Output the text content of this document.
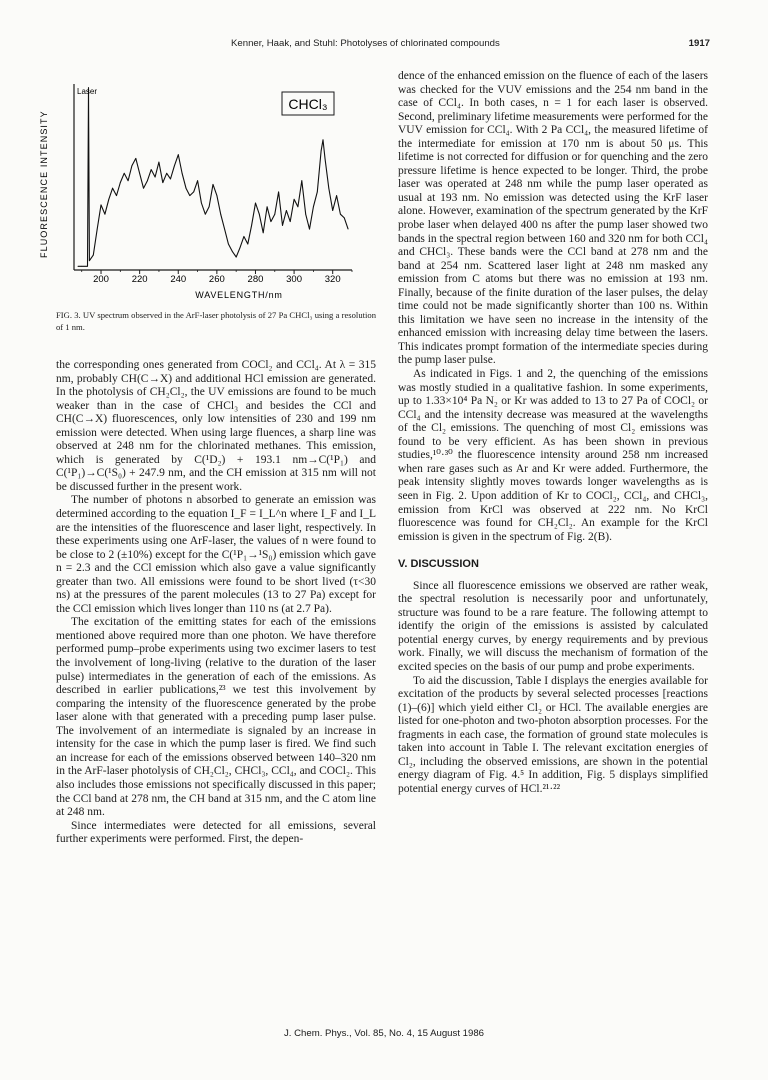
Kenner, Haak, and Stuhl: Photolyses of chlorinated compounds	1917
200 220 240 260 280 300 320
FLUORESCENCE INTENSITY
WAVELENGTH/nm
Laser
CHCl₃
FIG. 3. UV spectrum observed in the ArF-laser photolysis of 27 Pa CHCl₃ using a resolution of 1 nm.

the corresponding ones generated from COCl₂ and CCl₄. At λ = 315 nm, probably CH(C→X) and additional HCl emission are generated. In the photolysis of CH₂Cl₂, the UV emissions are found to be much weaker than in the case of CHCl₃ and besides the CCl and CH(C→X) fluorescences, only low intensities of 230 and 199 nm emission were detected. When using large fluences, a sharp line was observed at 248 nm for the chlorinated methanes. This emission, which is generated by C(¹D₂) + 193.1 nm→C(¹P₁) and C(¹P₁)→C(¹S₀) + 247.9 nm, and the CH emission at 315 nm will not be discussed further in the present work.

The number of photons n absorbed to generate an emission was determined according to the equation I_F = I_L^n where I_F and I_L are the intensities of the fluorescence and laser light, respectively. In these experiments using one ArF-laser, the values of n were found to be close to 2 (±10%) except for the C(¹P₁→¹S₀) emission which gave n = 2.3 and the CCl emission which also gave a value significantly greater than two. All emissions were found to be short lived (τ<30 ns) at the pressures of the parent molecules (13 to 27 Pa) except for the CCl emission which lives longer than 110 ns (at 2.7 Pa).

The excitation of the emitting states for each of the emissions mentioned above required more than one photon. We have therefore performed pump–probe experiments using two excimer lasers to test the involvement of long-living (relative to the duration of the laser pulse) intermediates in the generation of each of the emissions. As described in earlier publications,²³ we test this involvement by comparing the intensity of the fluorescence generated by the probe laser alone with that generated with a preceding pump laser pulse. The involvement of an intermediate is signaled by an increase in intensity for the case in which the pump laser is fired. We find such an increase for each of the emissions observed between 140–320 nm in the ArF-laser photolysis of CH₂Cl₂, CHCl₃, CCl₄, and COCl₂. This also includes those emissions not specifically discussed in this paper; the CCl band at 278 nm, the CH band at 315 nm, and the C atom line at 248 nm.

Since intermediates were detected for all emissions, several further experiments were performed. First, the depen-

dence of the enhanced emission on the fluence of each of the lasers was checked for the VUV emissions and the 254 nm band in the case of CCl₄. In both cases, n = 1 for each laser is observed. Second, preliminary lifetime measurements were performed for the VUV emission for CCl₄. With 2 Pa CCl₄, the measured lifetime of the intermediate for emission at 170 nm is about 50 μs. This lifetime is not corrected for diffusion or for quenching and the zero pressure lifetime is hence expected to be longer. Third, the probe laser was operated at 248 nm while the pump laser operated as usual at 193 nm. No emission was detected using the KrF laser alone. However, examination of the spectrum generated by the KrF probe laser when delayed 400 ns after the pump laser showed two bands in the spectral region between 160 and 320 nm for both CCl₄ and CHCl₃. These bands were the CCl band at 278 nm and the band at 254 nm. Scattered laser light at 248 nm masked any emission from C atoms but there was no emission at 193 nm. Finally, because of the finite duration of the laser pulses, the delay time could not be made significantly shorter than 100 ns. Within this limitation we have seen no increase in the intensity of the enhanced emission with increasing delay time between the lasers. This indicates prompt formation of the intermediate species during the pump laser pulse.

As indicated in Figs. 1 and 2, the quenching of the emissions was mostly studied in a qualitative fashion. In some experiments, up to 1.33×10⁴ Pa N₂ or Kr was added to 13 to 27 Pa of COCl₂ or CCl₄ and the intensity decrease was measured at the wavelengths of the Cl₂ emissions. The quenching of most Cl₂ emissions was found to be very efficient. As has been shown in previous studies,¹⁰·³⁰ the fluorescence intensity around 258 nm increased when rare gases such as Ar and Kr were added. Furthermore, the peak intensity slightly moves towards longer wavelengths as is seen in Fig. 2. Upon addition of Kr to COCl₂, CCl₄, and CHCl₃, emission from KrCl was observed at 222 nm. No KrCl fluorescence was found for CH₂Cl₂. An example for the KrCl emission is given in the spectrum of Fig. 2(B).

V. DISCUSSION

Since all fluorescence emissions we observed are rather weak, the spectral resolution is necessarily poor and unfortunately, structure was found to be a rare feature. The following attempt to identify the origin of the emissions is assisted by calculated potential energy curves, by energy requirements and by previous work. Finally, we will discuss the mechanism of formation of the excited species on the basis of our pump and probe experiments.

To aid the discussion, Table I displays the energies available for excitation of the products by several selected processes [reactions (1)–(6)] which yield either Cl₂ or HCl. The available energies are listed for one-photon and two-photon absorption processes. For the fragments in each case, the formation of ground state molecules is taken into account in Table I. The relevant excitation energies of Cl₂, including the observed emissions, are shown in the potential energy diagram of Fig. 4.⁵ In addition, Fig. 5 displays simplified potential energy curves of HCl.²¹·²²

J. Chem. Phys., Vol. 85, No. 4, 15 August 1986
